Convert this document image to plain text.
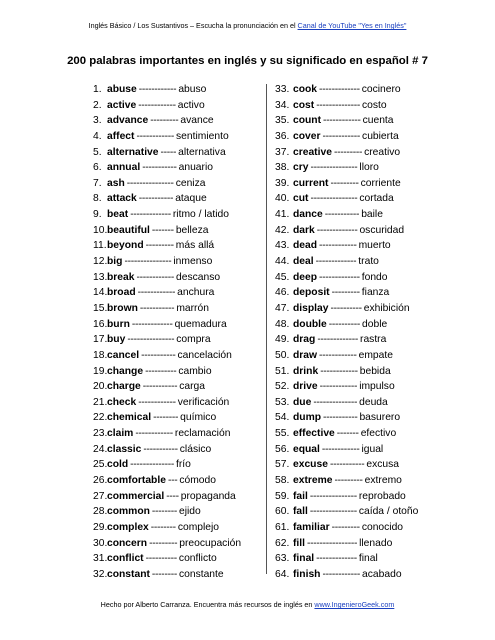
Inglés Básico / Los Sustantivos – Escucha la pronunciación en el Canal de YouTube "Yes en Inglés"
200 palabras importantes en inglés y su significado en español # 7
1. abuse ------------ abuso
2. active ------------ activo
3. advance --------- avance
4. affect ------------ sentimiento
5. alternative ----- alternativa
6. annual ----------- anuario
7. ash --------------- ceniza
8. attack ----------- ataque
9. beat ------------- ritmo / latido
10.beautiful ------- belleza
11.beyond --------- más allá
12.big --------------- inmenso
13.break ------------ descanso
14.broad ------------ anchura
15.brown ----------- marrón
16.burn ------------- quemadura
17.buy --------------- compra
18.cancel ----------- cancelación
19.change ---------- cambio
20.charge ----------- carga
21.check ------------ verificación
22.chemical -------- químico
23.claim ------------ reclamación
24.classic ----------- clásico
25.cold -------------- frío
26.comfortable --- cómodo
27.commercial ---- propaganda
28.common -------- ejido
29.complex -------- complejo
30.concern --------- preocupación
31.conflict ---------- conflicto
32.constant -------- constante
33. cook ------------- cocinero
34. cost -------------- costo
35. count ------------ cuenta
36. cover ------------ cubierta
37. creative --------- creativo
38. cry --------------- lloro
39. current --------- corriente
40. cut --------------- cortada
41. dance ----------- baile
42. dark ------------- oscuridad
43. dead ------------ muerto
44. deal ------------- trato
45. deep ------------- fondo
46. deposit --------- fianza
47. display ---------- exhibición
48. double ---------- doble
49. drag ------------- rastra
50. draw ------------ empate
51. drink ------------ bebida
52. drive ------------ impulso
53. due -------------- deuda
54. dump ----------- basurero
55. effective ------- efectivo
56. equal ------------ igual
57. excuse ----------- excusa
58. extreme --------- extremo
59. fail --------------- reprobado
60. fall --------------- caída / otoño
61. familiar --------- conocido
62. fill ---------------- llenado
63. final ------------- final
64. finish ------------ acabado
Hecho por Alberto Carranza. Encuentra más recursos de inglés en www.IngenieroGeek.com
